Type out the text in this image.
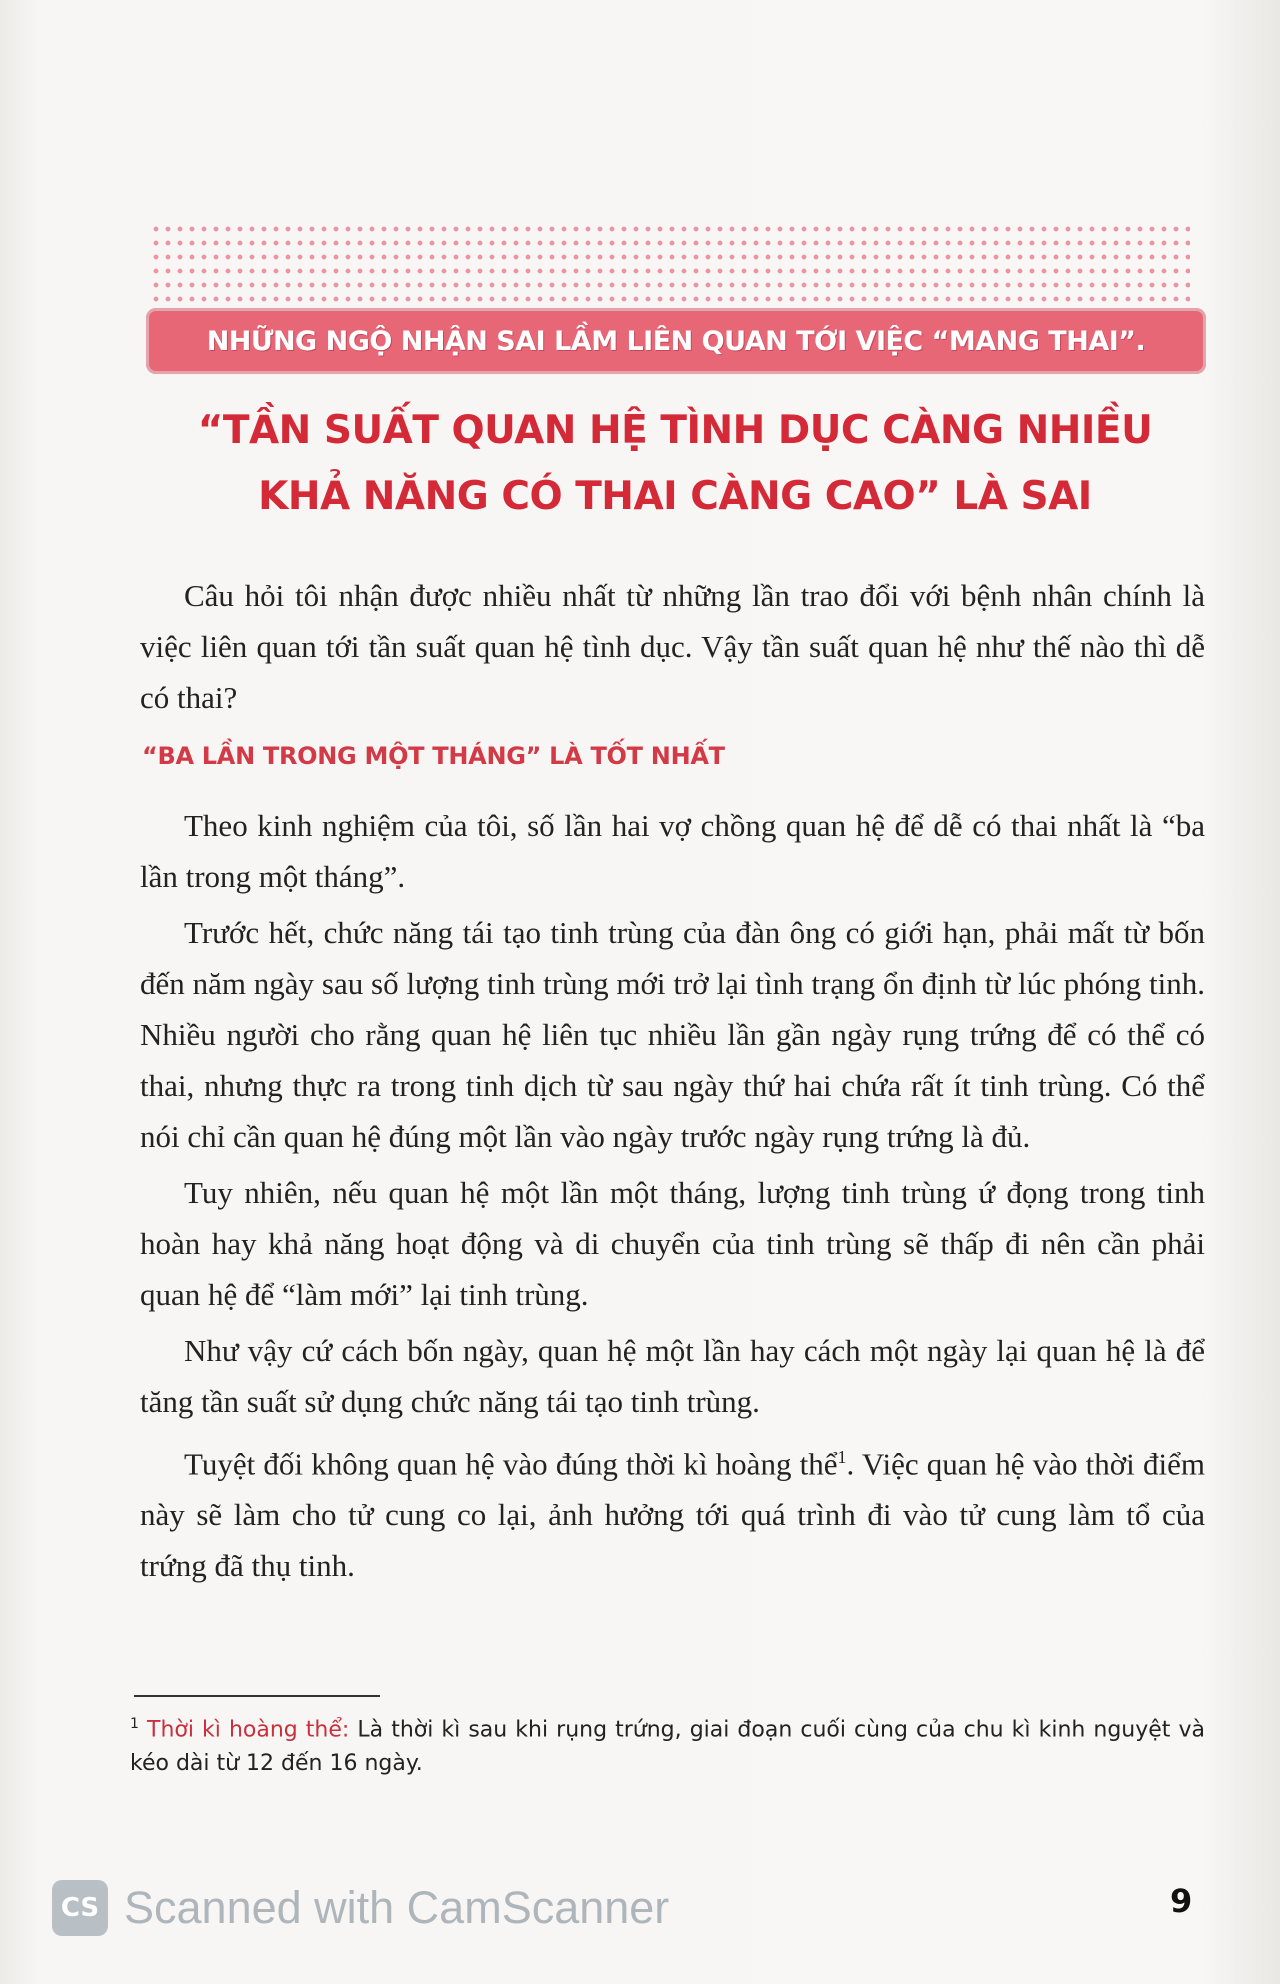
NHỮNG NGỘ NHẬN SAI LẦM LIÊN QUAN TỚI VIỆC “MANG THAI”.
“TẦN SUẤT QUAN HỆ TÌNH DỤC CÀNG NHIỀU
KHẢ NĂNG CÓ THAI CÀNG CAO” LÀ SAI

Câu hỏi tôi nhận được nhiều nhất từ những lần trao đổi với bệnh nhân chính là việc liên quan tới tần suất quan hệ tình dục. Vậy tần suất quan hệ như thế nào thì dễ có thai?

“BA LẦN TRONG MỘT THÁNG” LÀ TỐT NHẤT

Theo kinh nghiệm của tôi, số lần hai vợ chồng quan hệ để dễ có thai nhất là “ba lần trong một tháng”.

Trước hết, chức năng tái tạo tinh trùng của đàn ông có giới hạn, phải mất từ bốn đến năm ngày sau số lượng tinh trùng mới trở lại tình trạng ổn định từ lúc phóng tinh. Nhiều người cho rằng quan hệ liên tục nhiều lần gần ngày rụng trứng để có thể có thai, nhưng thực ra trong tinh dịch từ sau ngày thứ hai chứa rất ít tinh trùng. Có thể nói chỉ cần quan hệ đúng một lần vào ngày trước ngày rụng trứng là đủ.

Tuy nhiên, nếu quan hệ một lần một tháng, lượng tinh trùng ứ đọng trong tinh hoàn hay khả năng hoạt động và di chuyển của tinh trùng sẽ thấp đi nên cần phải quan hệ để “làm mới” lại tinh trùng.

Như vậy cứ cách bốn ngày, quan hệ một lần hay cách một ngày lại quan hệ là để tăng tần suất sử dụng chức năng tái tạo tinh trùng.

Tuyệt đối không quan hệ vào đúng thời kì hoàng thể$^1$. Việc quan hệ vào thời điểm này sẽ làm cho tử cung co lại, ảnh hưởng tới quá trình đi vào tử cung làm tổ của trứng đã thụ tinh.

$^1$ Thời kì hoàng thể: Là thời kì sau khi rụng trứng, giai đoạn cuối cùng của chu kì kinh nguyệt và kéo dài từ 12 đến 16 ngày.
CS Scanned with CamScanner	9
